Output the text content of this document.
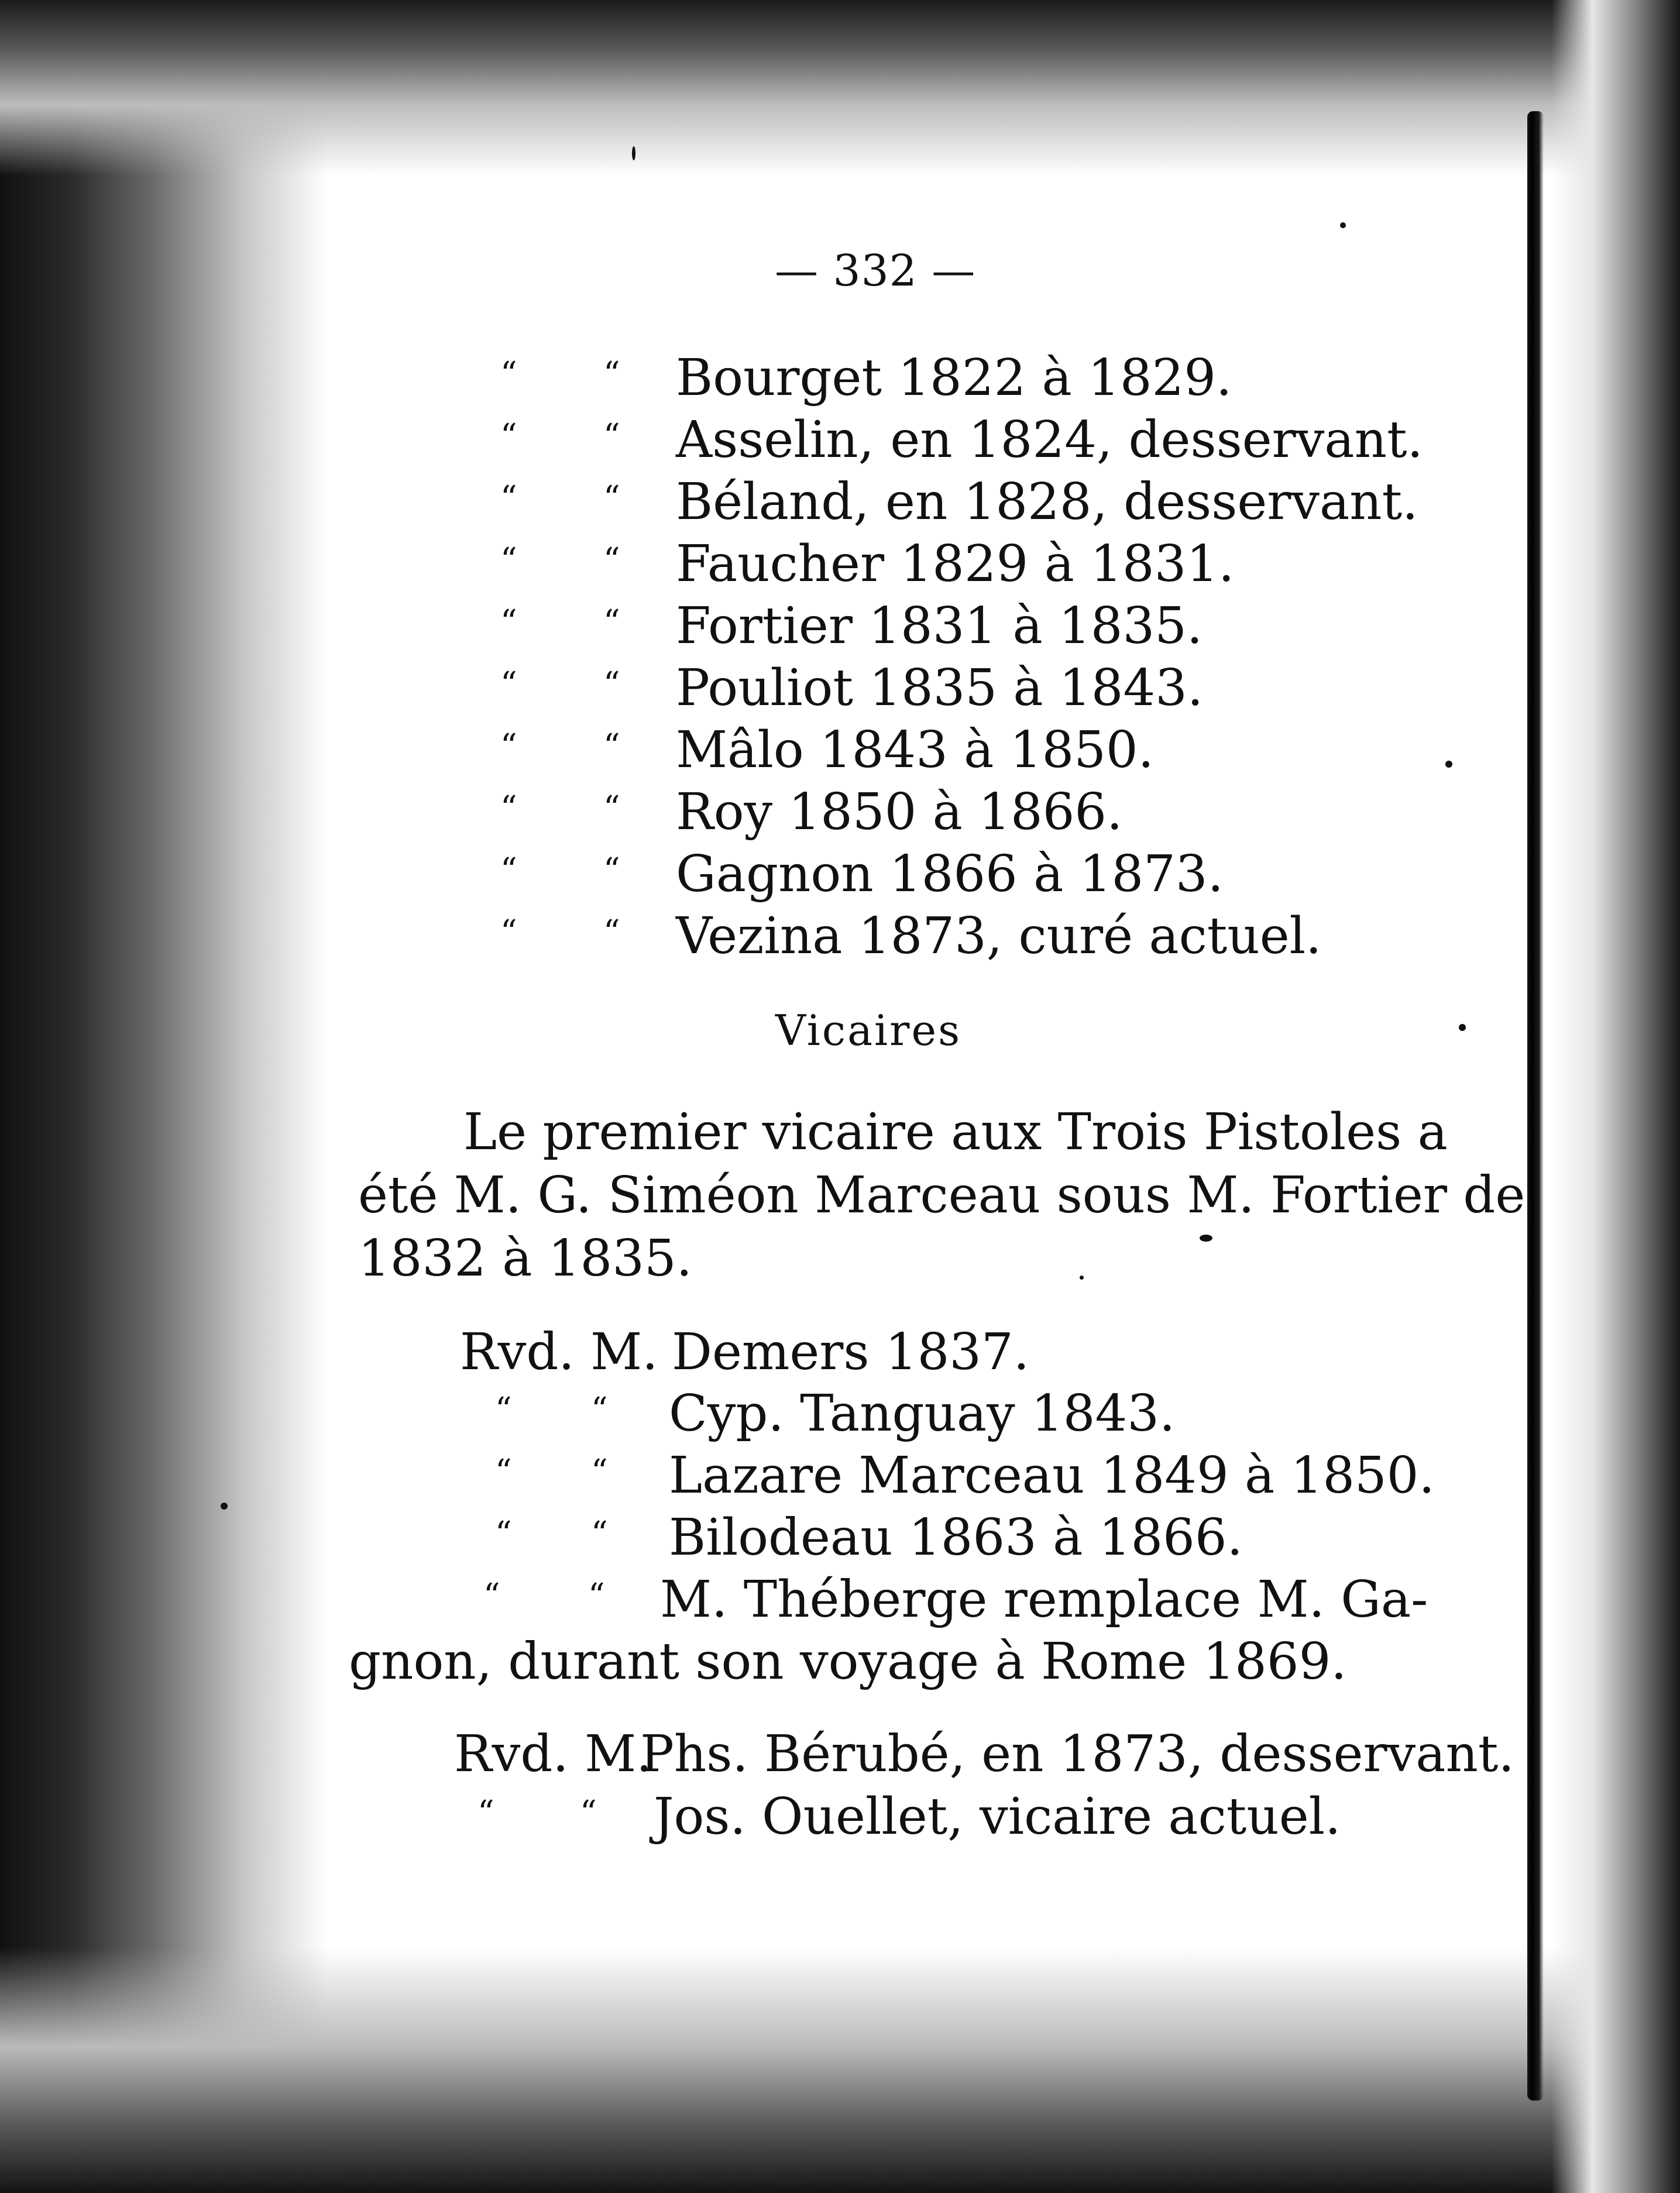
— 332 —
“	“ Bourget 1822 à 1829.
“	“ Asselin, en 1824, desservant.
“	“ Béland, en 1828, desservant.
“	“ Faucher 1829 à 1831.
“	“ Fortier 1831 à 1835.
“	“ Pouliot 1835 à 1843.
“	“ Mâlo 1843 à 1850.
“	“ Roy 1850 à 1866.
“	“ Gagnon 1866 à 1873.
“	“ Vezina 1873, curé actuel.
Vicaires
Le premier vicaire aux Trois Pistoles a
été M. G. Siméon Marceau sous M. Fortier de
1832 à 1835.
Rvd. M. Demers 1837.
“ “ Cyp. Tanguay 1843.
“ “ Lazare Marceau 1849 à 1850.
“ “ Bilodeau 1863 à 1866.
“	“ M. Théberge remplace M. Ga-
gnon, durant son voyage à Rome 1869.
Rvd. M.
Phs. Bérubé, en 1873, desservant.
“	“ Jos. Ouellet, vicaire actuel.
